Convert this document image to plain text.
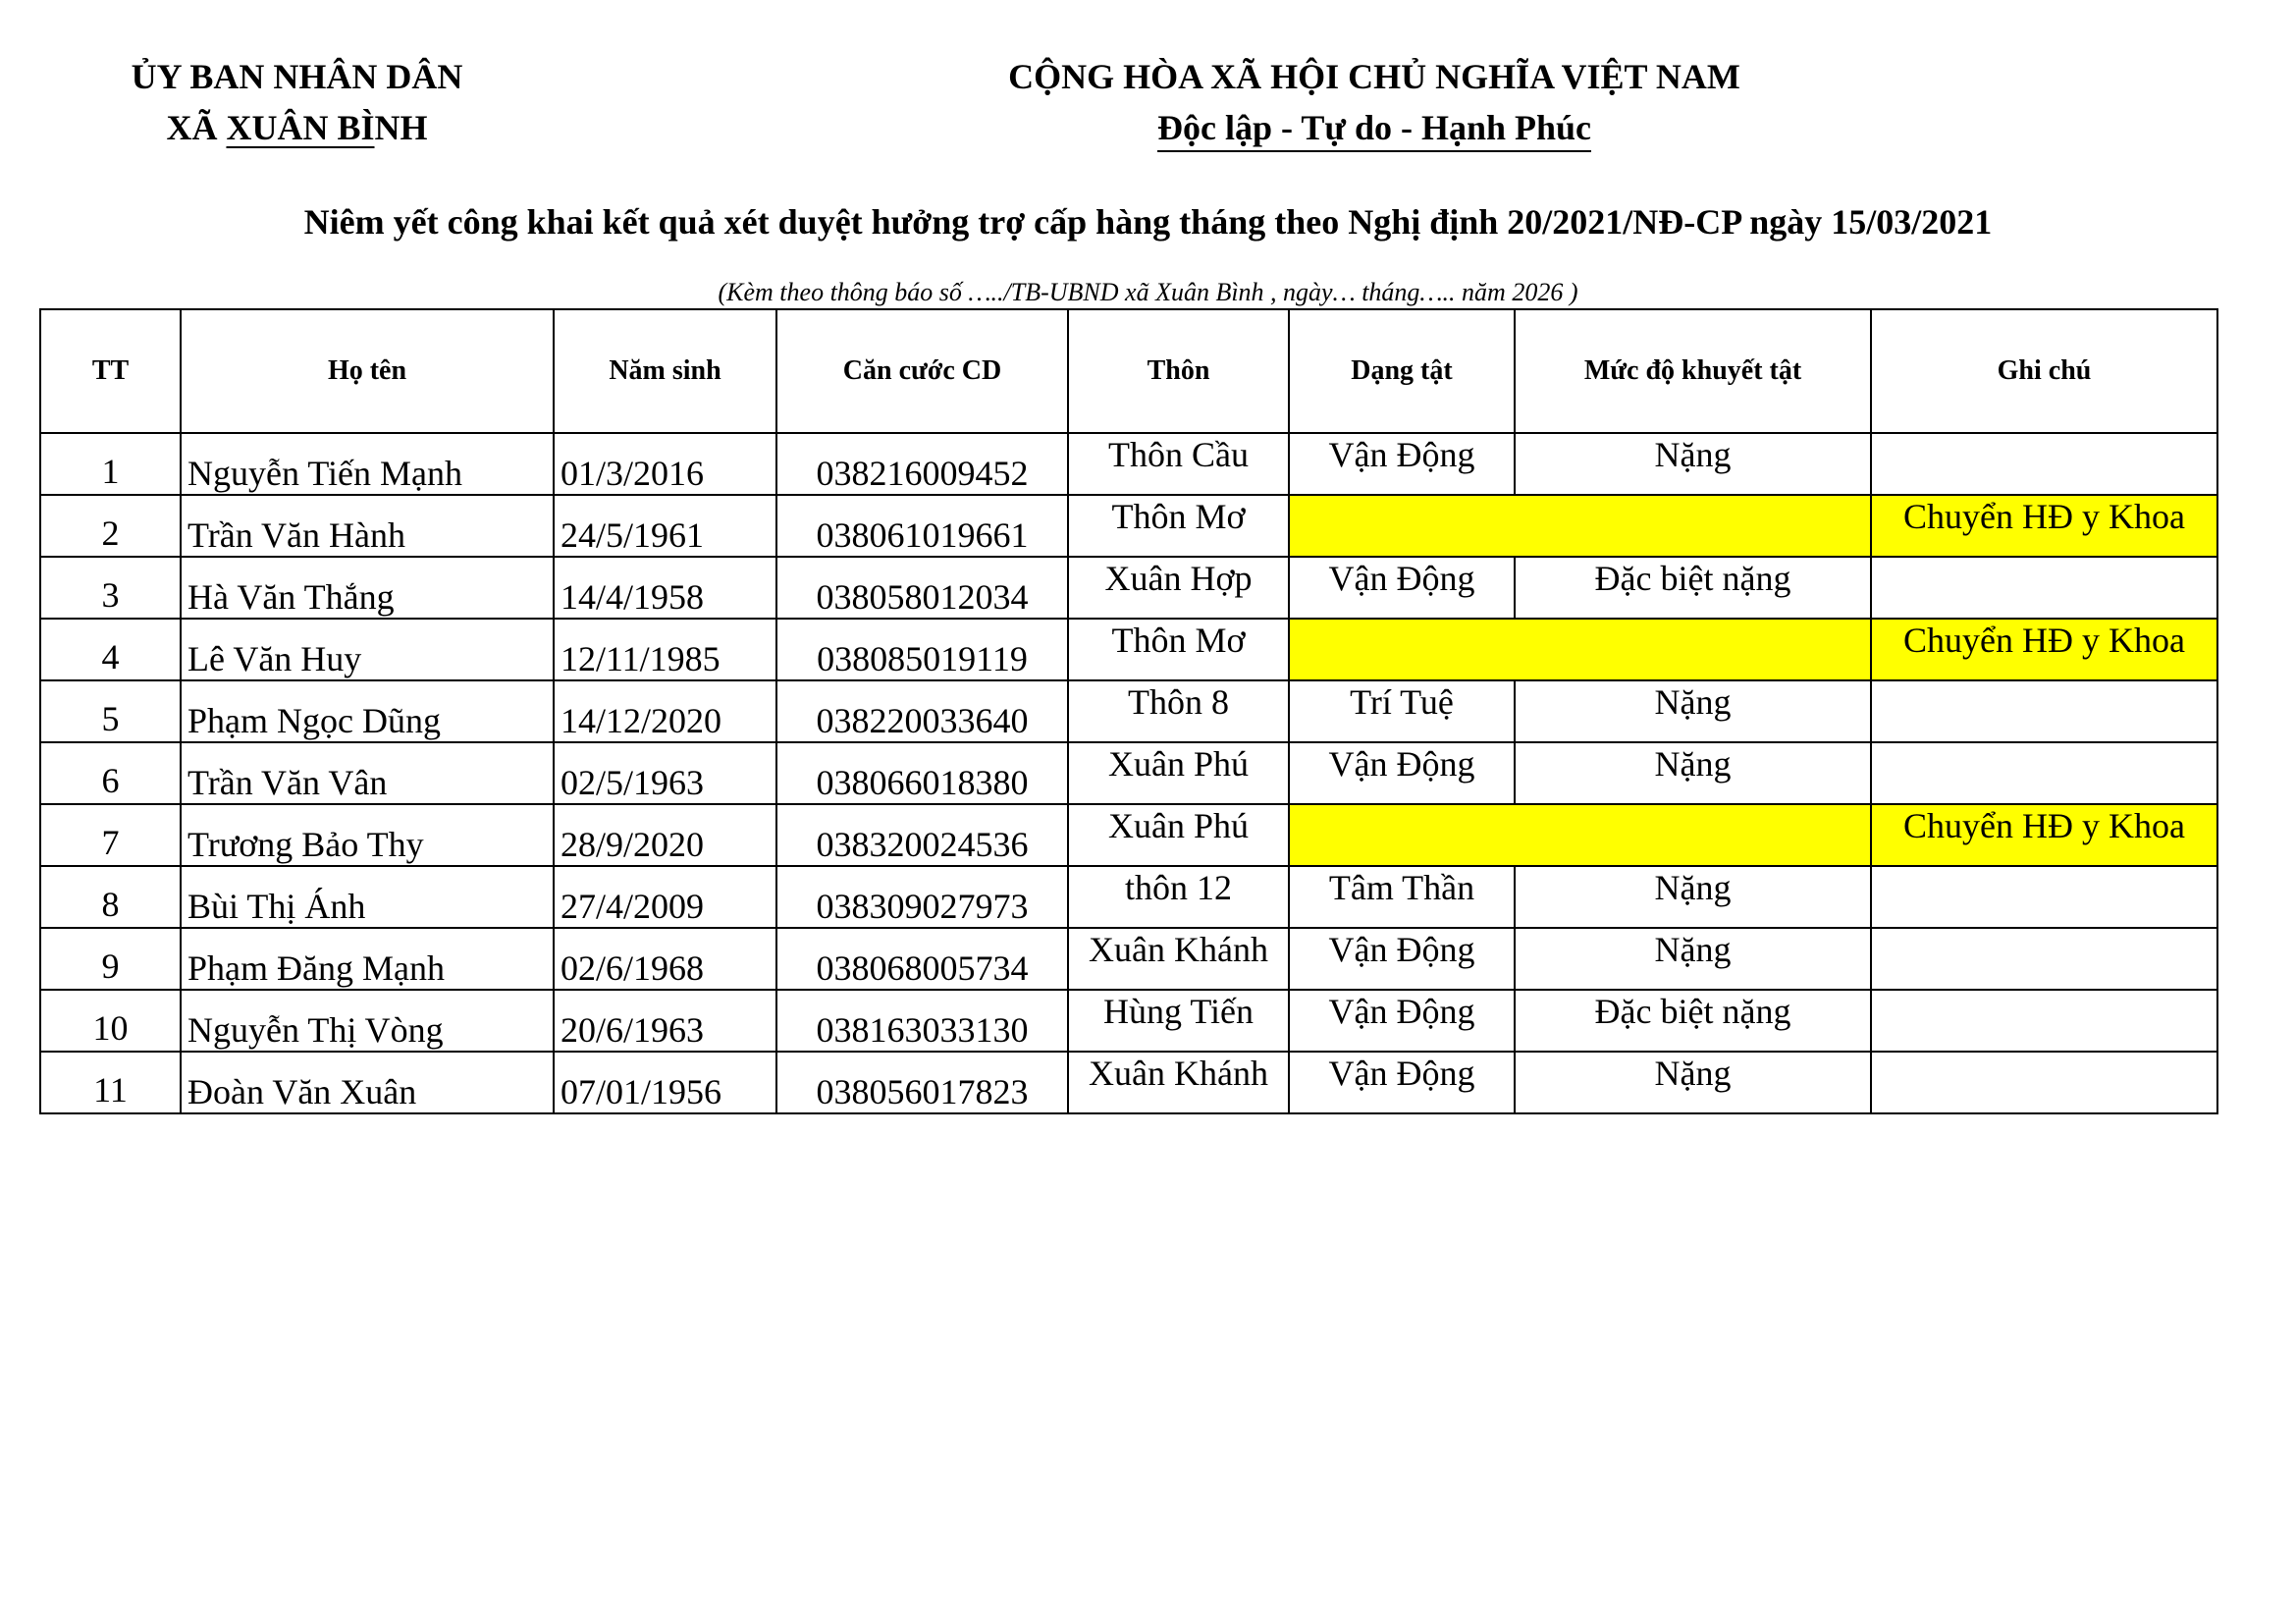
ỦY BAN NHÂN DÂN
XÃ XUÂN BÌNH
CỘNG HÒA XÃ HỘI CHỦ NGHĨA VIỆT NAM
Độc lập - Tự do - Hạnh Phúc
Niêm yết công khai kết quả xét duyệt hưởng trợ cấp hàng tháng theo Nghị định 20/2021/NĐ-CP ngày 15/03/2021
(Kèm theo thông báo số …../TB-UBND xã Xuân Bình , ngày… tháng….. năm 2026 )
TT	Họ tên	Năm sinh	Căn cước CD	Thôn	Dạng tật	Mức độ khuyết tật	Ghi chú
1	Nguyễn Tiến Mạnh	01/3/2016	038216009452	Thôn Cầu	Vận Động	Nặng	
2	Trần Văn Hành	24/5/1961	038061019661	Thôn Mơ			Chuyển HĐ y Khoa
3	Hà Văn Thắng	14/4/1958	038058012034	Xuân Hợp	Vận Động	Đặc biệt nặng	
4	Lê Văn Huy	12/11/1985	038085019119	Thôn Mơ			Chuyển HĐ y Khoa
5	Phạm Ngọc Dũng	14/12/2020	038220033640	Thôn 8	Trí Tuệ	Nặng	
6	Trần Văn Vân	02/5/1963	038066018380	Xuân Phú	Vận Động	Nặng	
7	Trương Bảo Thy	28/9/2020	038320024536	Xuân Phú			Chuyển HĐ y Khoa
8	Bùi Thị Ánh	27/4/2009	038309027973	thôn 12	Tâm Thần	Nặng	
9	Phạm Đăng Mạnh	02/6/1968	038068005734	Xuân Khánh	Vận Động	Nặng	
10	Nguyễn Thị Vòng	20/6/1963	038163033130	Hùng Tiến	Vận Động	Đặc biệt nặng	
11	Đoàn Văn Xuân	07/01/1956	038056017823	Xuân Khánh	Vận Động	Nặng	
